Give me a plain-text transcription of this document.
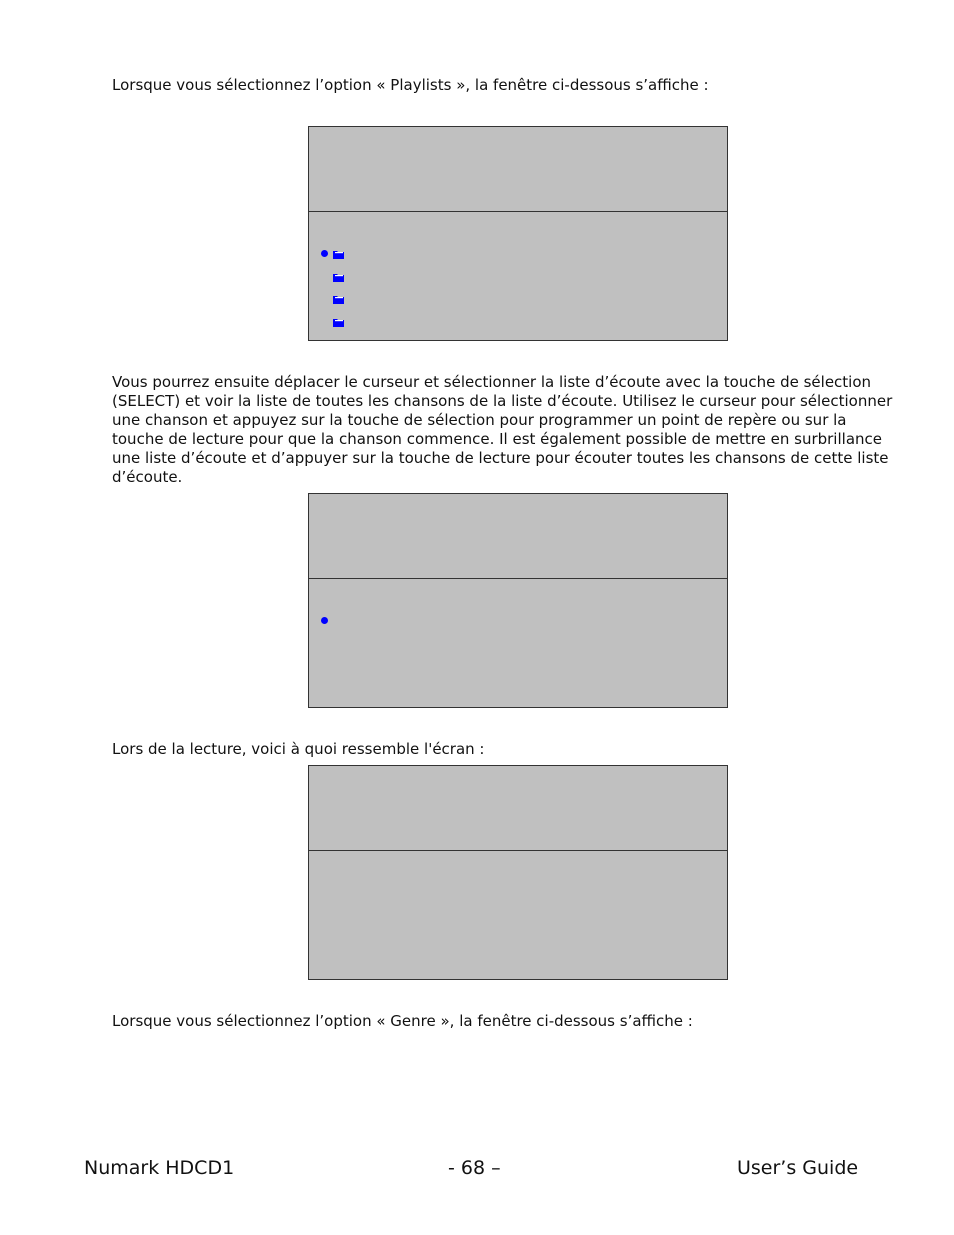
Lorsque vous sélectionnez l’option « Playlists », la fenêtre ci-dessous s’affiche :

Vous pourrez ensuite déplacer le curseur et sélectionner la liste d’écoute avec la touche de sélection (SELECT) et voir la liste de toutes les chansons de la liste d’écoute. Utilisez le curseur pour sélectionner une chanson et appuyez sur la touche de sélection pour programmer un point de repère ou sur la touche de lecture pour que la chanson commence. Il est également possible de mettre en surbrillance une liste d’écoute et d’appuyer sur la touche de lecture pour écouter toutes les chansons de cette liste d’écoute.

Lors de la lecture, voici à quoi ressemble l'écran :

Lorsque vous sélectionnez l’option « Genre », la fenêtre ci-dessous s’affiche :

Numark HDCD1	- 68 –	User’s Guide
